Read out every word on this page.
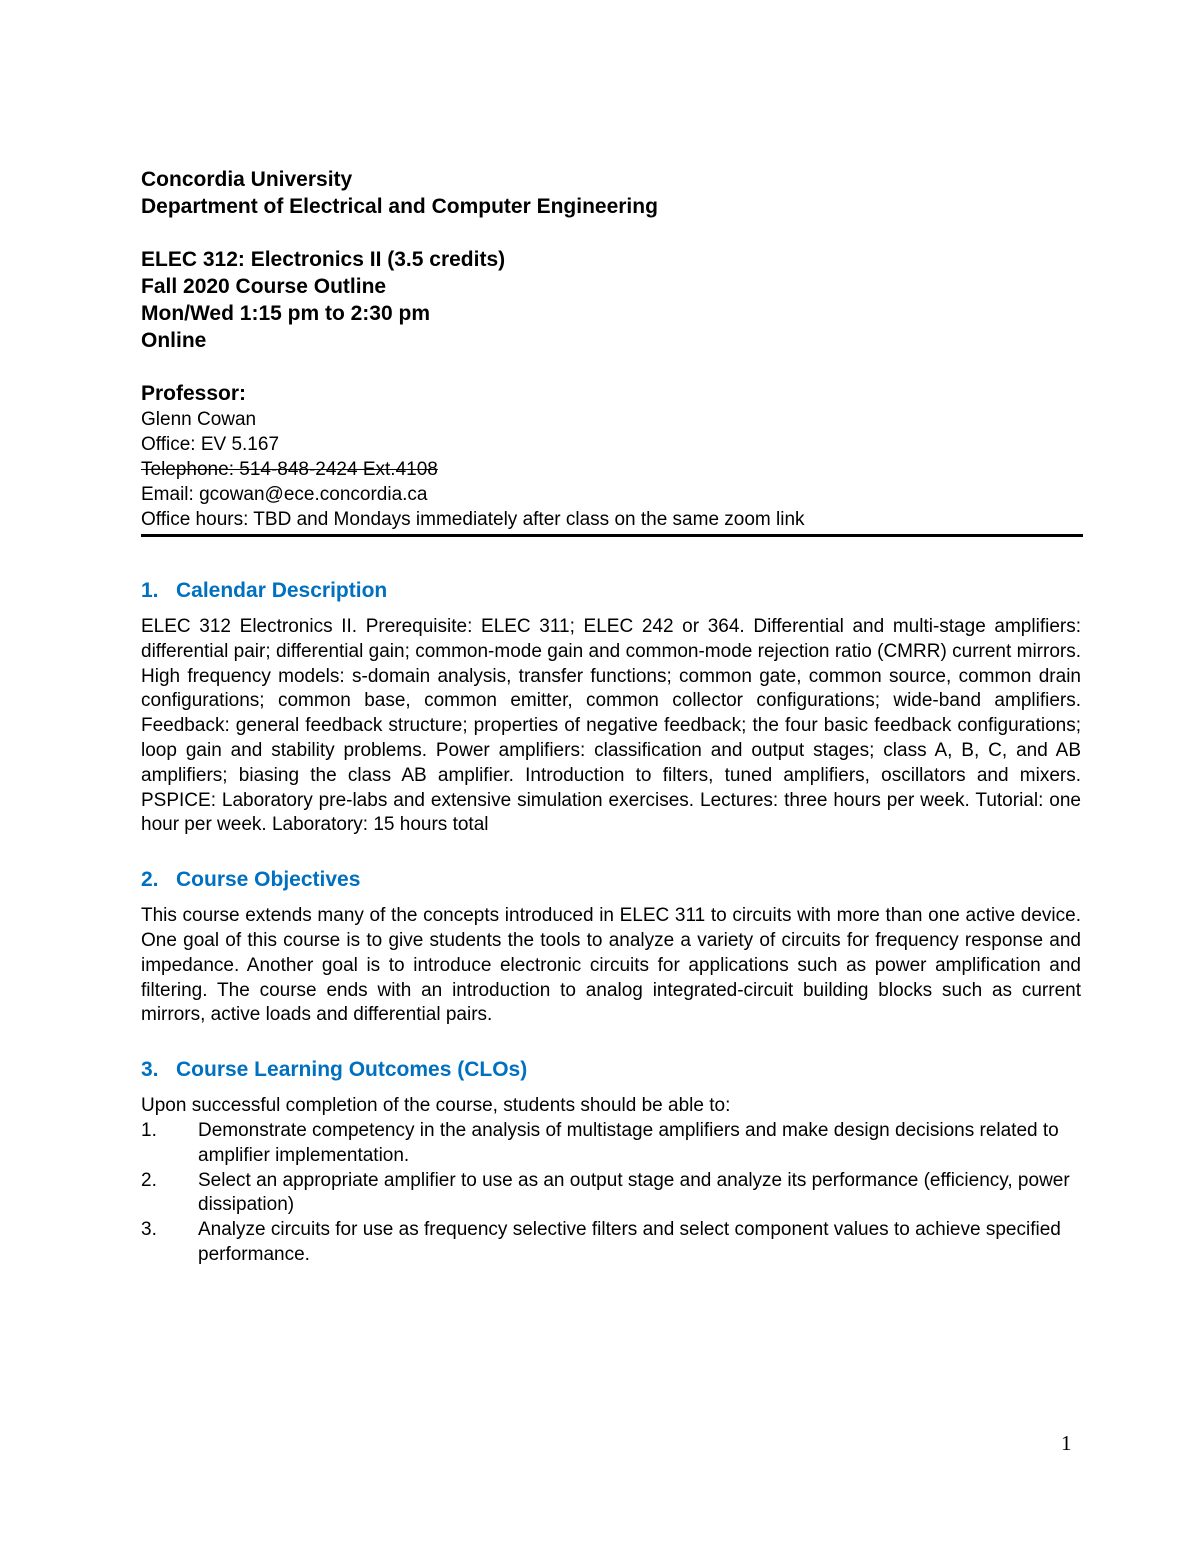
Concordia University
Department of Electrical and Computer Engineering
ELEC 312: Electronics II (3.5 credits)
Fall 2020 Course Outline
Mon/Wed 1:15 pm to 2:30 pm
Online
Professor:
Glenn Cowan
Office: EV 5.167
Telephone: 514-848-2424 Ext.4108
Email: gcowan@ece.concordia.ca
Office hours: TBD and Mondays immediately after class on the same zoom link
1. Calendar Description

ELEC 312 Electronics II. Prerequisite: ELEC 311; ELEC 242 or 364. Differential and multi-stage amplifiers: differential pair; differential gain; common-mode gain and common-mode rejection ratio (CMRR) current mirrors. High frequency models: s-domain analysis, transfer functions; common gate, common source, common drain configurations; common base, common emitter, common collector configurations; wide-band amplifiers. Feedback: general feedback structure; properties of negative feedback; the four basic feedback configurations; loop gain and stability problems. Power amplifiers: classification and output stages; class A, B, C, and AB amplifiers; biasing the class AB amplifier. Introduction to filters, tuned amplifiers, oscillators and mixers. PSPICE: Laboratory pre-labs and extensive simulation exercises. Lectures: three hours per week. Tutorial: one hour per week. Laboratory: 15 hours total

2. Course Objectives

This course extends many of the concepts introduced in ELEC 311 to circuits with more than one active device. One goal of this course is to give students the tools to analyze a variety of circuits for frequency response and impedance. Another goal is to introduce electronic circuits for applications such as power amplification and filtering. The course ends with an introduction to analog integrated-circuit building blocks such as current mirrors, active loads and differential pairs.

3. Course Learning Outcomes (CLOs)

Upon successful completion of the course, students should be able to:

1.	Demonstrate competency in the analysis of multistage amplifiers and make design decisions related to amplifier implementation.
2.	Select an appropriate amplifier to use as an output stage and analyze its performance (efficiency, power dissipation)
3.	Analyze circuits for use as frequency selective filters and select component values to achieve specified performance.
1
